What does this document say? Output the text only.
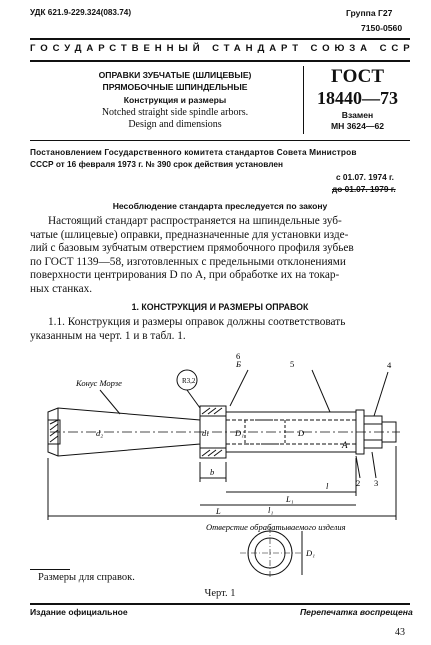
УДК 621.9-229.324(083.74)	Группа Г27
7150-0560
ГОСУДАРСТВЕННЫЙ СТАНДАРТ СОЮЗА ССР
ОПРАВКИ ЗУБЧАТЫЕ (ШЛИЦЕВЫЕ)
ПРЯМОБОЧНЫЕ ШПИНДЕЛЬНЫЕ
Конструкция и размеры
Notched straight side spindle arbors.
Design and dimensions
ГОСТ
18440—73
Взамен
МН 3624—62
Постановлением Государственного комитета стандартов Совета Министров
СССР от 16 февраля 1973 г. № 390 срок действия установлен
с 01.07. 1974 г.
до 01.07. 1979 г.
Несоблюдение стандарта преследуется по закону
Настоящий стандарт распространяется на шпиндельные зуб-
чатые (шлицевые) оправки, предназначенные для установки изде-
лий с базовым зубчатым отверстием прямобочного профиля зубьев
по ГОСТ 1139—58, изготовленных с предельными отклонениями
поверхности центрирования D по A, при обработке их на токар-
ных станках.
1. КОНСТРУКЦИЯ И РАЗМЕРЫ ОПРАВОК
1.1. Конструкция и размеры оправок должны соответствовать
указанным на черт. 1 и в табл. 1.
Конус Морзе	R3,2
Б
А
5	4
6
2 3
d₂	D₁	D
dₜ
b
l
L₁
l₁
L
Отверстие обрабатываемого изделия
D₁
Размеры для справок.
Черт. 1
Издание официальное	Перепечатка воспрещена
43
